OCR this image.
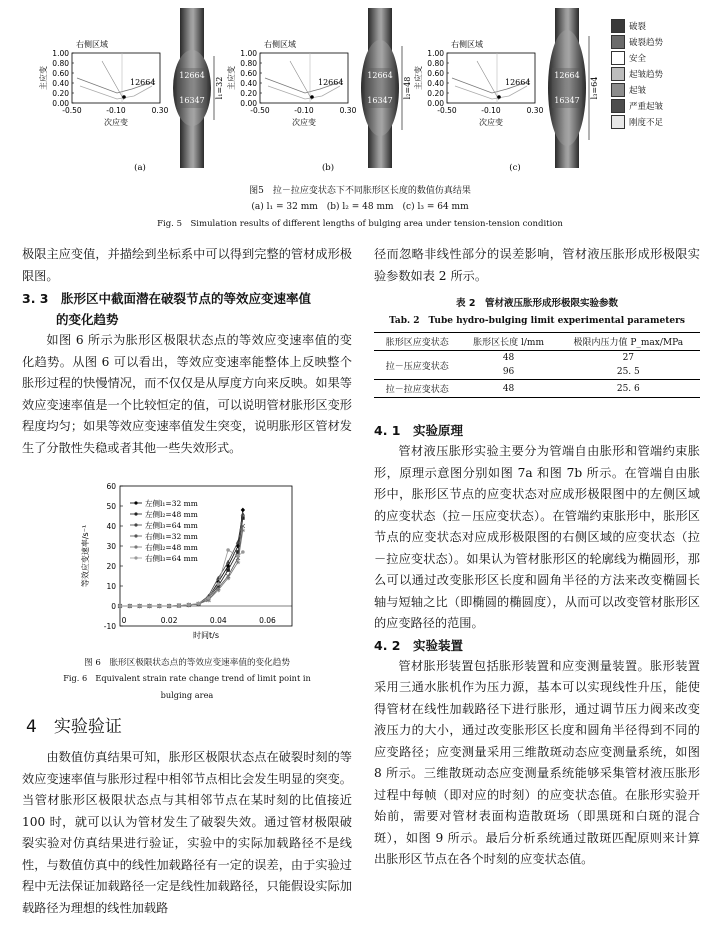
右侧区域
1.00
0.80
0.60
0.40
0.20
0.00
-0.50	-0.10	0.30
次应变
主应变	12664
12664
16347
l₁=32
(a)
右侧区域
1.00
0.80
0.60
0.40
0.20
0.00
-0.50	-0.10	0.30
次应变
主应变	12664
12664
16347
l₂=48
(b)
右侧区域
1.00
0.80
0.60
0.40
0.20
0.00
-0.50	-0.10	0.30
次应变
主应变	12664
12664
16347
l₃=64
(c)
破裂
破裂趋势
安全
起皱趋势
起皱
严重起皱
刚度不足
图5　拉－拉应变状态下不同胀形区长度的数值仿真结果
(a) l₁ = 32 mm　(b) l₂ = 48 mm　(c) l₃ = 64 mm
Fig. 5　Simulation results of different lengths of bulging area under tension-tension condition

极限主应变值，并描绘到坐标系中可以得到完整的管材成形极限图。

3. 3　 胀形区中截面潜在破裂节点的等效应变速率值
的变化趋势

如图 6 所示为胀形区极限状态点的等效应变速率值的变化趋势。从图 6 可以看出，等效应变速率能整体上反映整个胀形过程的快慢情况，而不仅仅是从厚度方向来反映。如果等效应变速率值是一个比较恒定的值，可以说明管材胀形区变形程度均匀；如果等效应变速率值发生突变，说明胀形区管材发生了分散性失稳或者其他一些失效形式。

60
50
40
30
20
10
0
-10
0	0.02	0.04	0.06
时间t/s
等效应变速率/s⁻¹
左侧l₁=32 mm
左侧l₂=48 mm
左侧l₃=64 mm
右侧l₁=32 mm
右侧l₂=48 mm
右侧l₃=64 mm
图 6　胀形区极限状态点的等效应变速率值的变化趋势
Fig. 6　Equivalent strain rate change trend of limit point in
bulging area
4　 实验验证

由数值仿真结果可知，胀形区极限状态点在破裂时刻的等效应变速率值与胀形过程中相邻节点相比会发生明显的突变。当管材胀形区极限状态点与其相邻节点在某时刻的比值接近 100 时，就可以认为管材发生了破裂失效。通过管材极限破裂实验对仿真结果进行验证，实验中的实际加载路径不是线性，与数值仿真中的线性加载路径有一定的误差，由于实验过程中无法保证加载路径一定是线性加载路径，只能假设实际加载路径为理想的线性加载路

径而忽略非线性部分的误差影响，管材液压胀形成形极限实验参数如表 2 所示。

表 2　管材液压胀形成形极限实验参数
Tab. 2　Tube hydro-bulging limit experimental parameters
胀形区应变状态	胀形区长度 l/mm	极限内压力值 P_max/MPa
拉－压应变状态	48	27
	96	25. 5
拉－拉应变状态	48	25. 6
4. 1　 实验原理

管材液压胀形实验主要分为管端自由胀形和管端约束胀形，原理示意图分别如图 7a 和图 7b 所示。在管端自由胀形中，胀形区节点的应变状态对应成形极限图中的左侧区域的应变状态（拉－压应变状态）。在管端约束胀形中，胀形区节点的应变状态对应成形极限图的右侧区域的应变状态（拉－拉应变状态）。如果认为管材胀形区的轮廓线为椭圆形，那么可以通过改变胀形区长度和圆角半径的方法来改变椭圆长轴与短轴之比（即椭圆的椭圆度），从而可以改变管材胀形区的应变路径的范围。

4. 2　 实验装置

管材胀形装置包括胀形装置和应变测量装置。胀形装置采用三通水胀机作为压力源，基本可以实现线性升压，能使得管材在线性加载路径下进行胀形，通过调节压力阀来改变液压力的大小，通过改变胀形区长度和圆角半径得到不同的应变路径；应变测量采用三维散斑动态应变测量系统，如图 8 所示。三维散斑动态应变测量系统能够采集管材液压胀形过程中每帧（即对应的时刻）的应变状态值。在胀形实验开始前，需要对管材表面构造散斑场（即黑斑和白斑的混合斑），如图 9 所示。最后分析系统通过散斑匹配原则来计算出胀形区节点在各个时刻的应变状态值。
